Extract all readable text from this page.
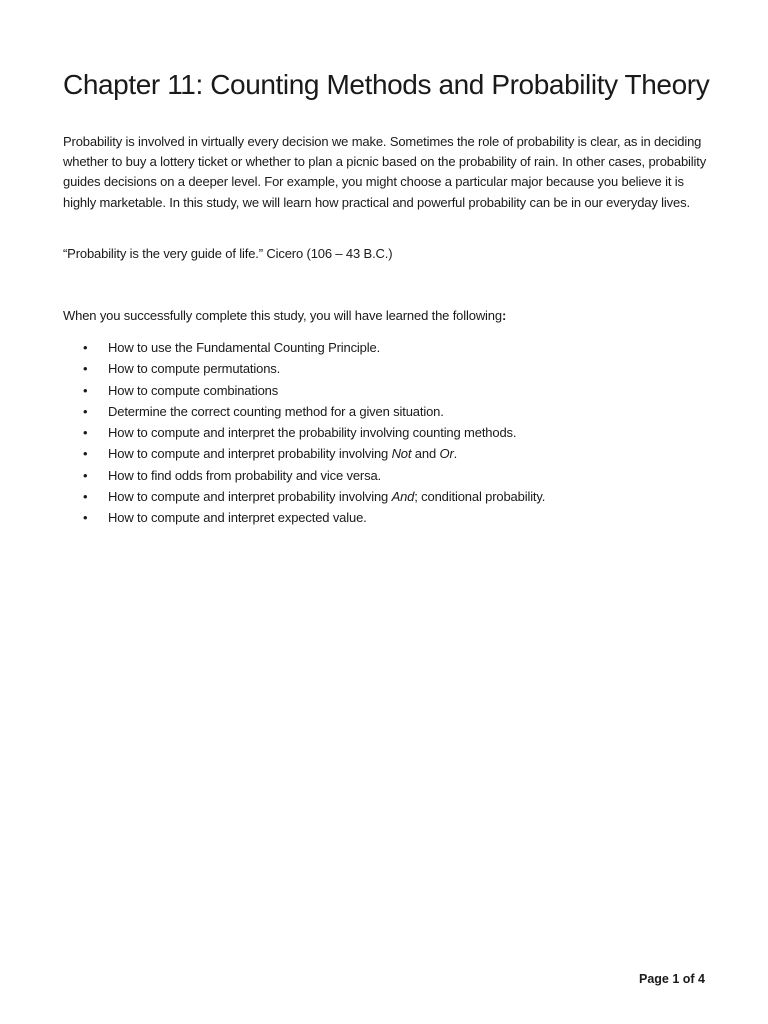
Chapter 11: Counting Methods and Probability Theory

Probability is involved in virtually every decision we make. Sometimes the role of probability is clear, as in deciding whether to buy a lottery ticket or whether to plan a picnic based on the probability of rain. In other cases, probability guides decisions on a deeper level. For example, you might choose a particular major because you believe it is highly marketable. In this study, we will learn how practical and powerful probability can be in our everyday lives.

“Probability is the very guide of life.” Cicero (106 – 43 B.C.)

When you successfully complete this study, you will have learned the following:

• How to use the Fundamental Counting Principle.
• How to compute permutations.
• How to compute combinations
• Determine the correct counting method for a given situation.
• How to compute and interpret the probability involving counting methods.
• How to compute and interpret probability involving Not and Or.
• How to find odds from probability and vice versa.
• How to compute and interpret probability involving And; conditional probability.
• How to compute and interpret expected value.

Page 1 of 4
